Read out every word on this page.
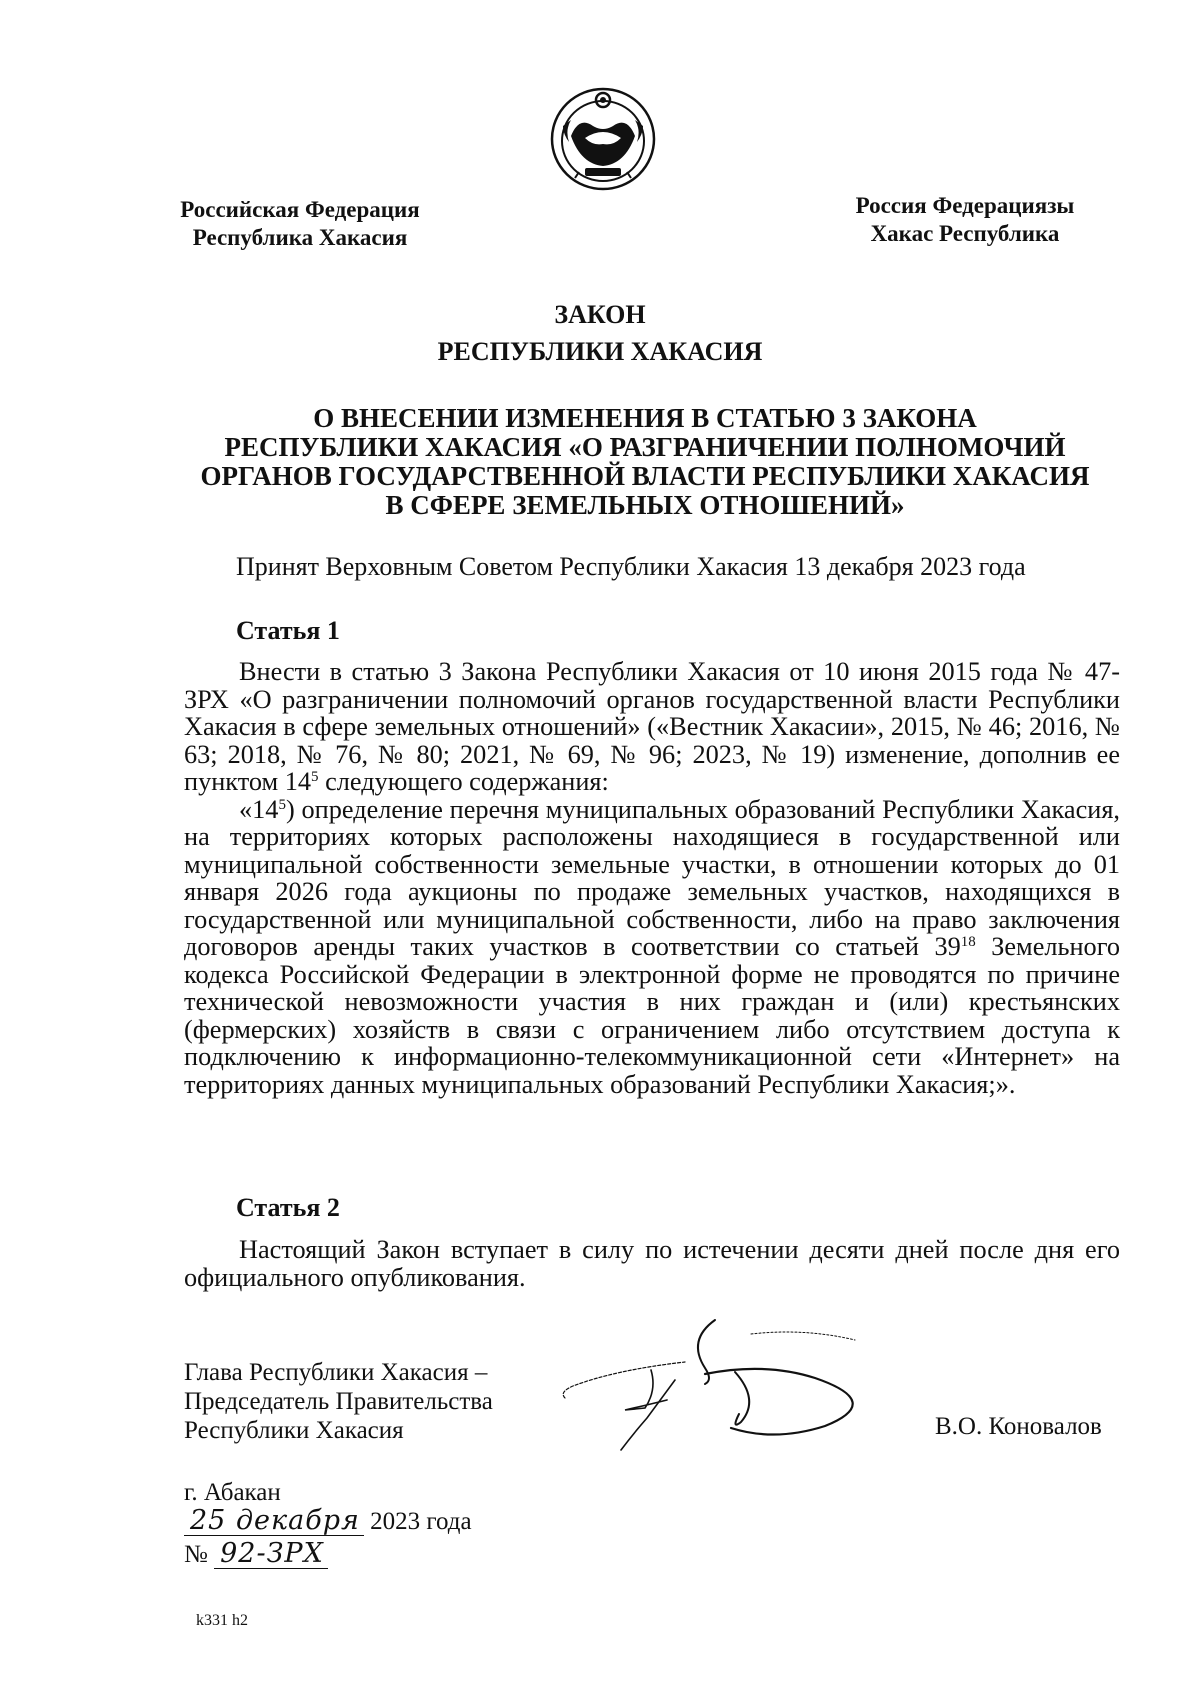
Российская Федерация
Республика Хакасия
Россия Федерациязы
Хакас Республика
ЗАКОН
РЕСПУБЛИКИ ХАКАСИЯ
О ВНЕСЕНИИ ИЗМЕНЕНИЯ В СТАТЬЮ 3 ЗАКОНА
РЕСПУБЛИКИ ХАКАСИЯ «О РАЗГРАНИЧЕНИИ ПОЛНОМОЧИЙ
ОРГАНОВ ГОСУДАРСТВЕННОЙ ВЛАСТИ РЕСПУБЛИКИ ХАКАСИЯ
В СФЕРЕ ЗЕМЕЛЬНЫХ ОТНОШЕНИЙ»
Принят Верховным Советом Республики Хакасия 13 декабря 2023 года
Статья 1

Внести в статью 3 Закона Республики Хакасия от 10 июня 2015 года № 47-ЗРХ «О разграничении полномочий органов государственной власти Республики Хакасия в сфере земельных отношений» («Вестник Хакасии», 2015, № 46; 2016, № 63; 2018, № 76, № 80; 2021, № 69, № 96; 2023, № 19) изменение, дополнив ее пунктом $14^5$ следующего содержания:

«$14^5$) определение перечня муниципальных образований Республики Хакасия, на территориях которых расположены находящиеся в государственной или муниципальной собственности земельные участки, в отношении которых до 01 января 2026 года аукционы по продаже земельных участков, находящихся в государственной или муниципальной собственности, либо на право заключения договоров аренды таких участков в соответствии со статьей $39^{18}$ Земельного кодекса Российской Федерации в электронной форме не проводятся по причине технической невозможности участия в них граждан и (или) крестьянских (фермерских) хозяйств в связи с ограничением либо отсутствием доступа к подключению к информационно-телекоммуникационной сети «Интернет» на территориях данных муниципальных образований Республики Хакасия;».

Статья 2
Настоящий Закон вступает в силу по истечении десяти дней после дня его официального опубликования.
Глава Республики Хакасия –
Председатель Правительства
Республики Хакасия	В.О. Коновалов
г. Абакан
25 декабря 2023 года
№ 92-ЗРХ
k331 h2
